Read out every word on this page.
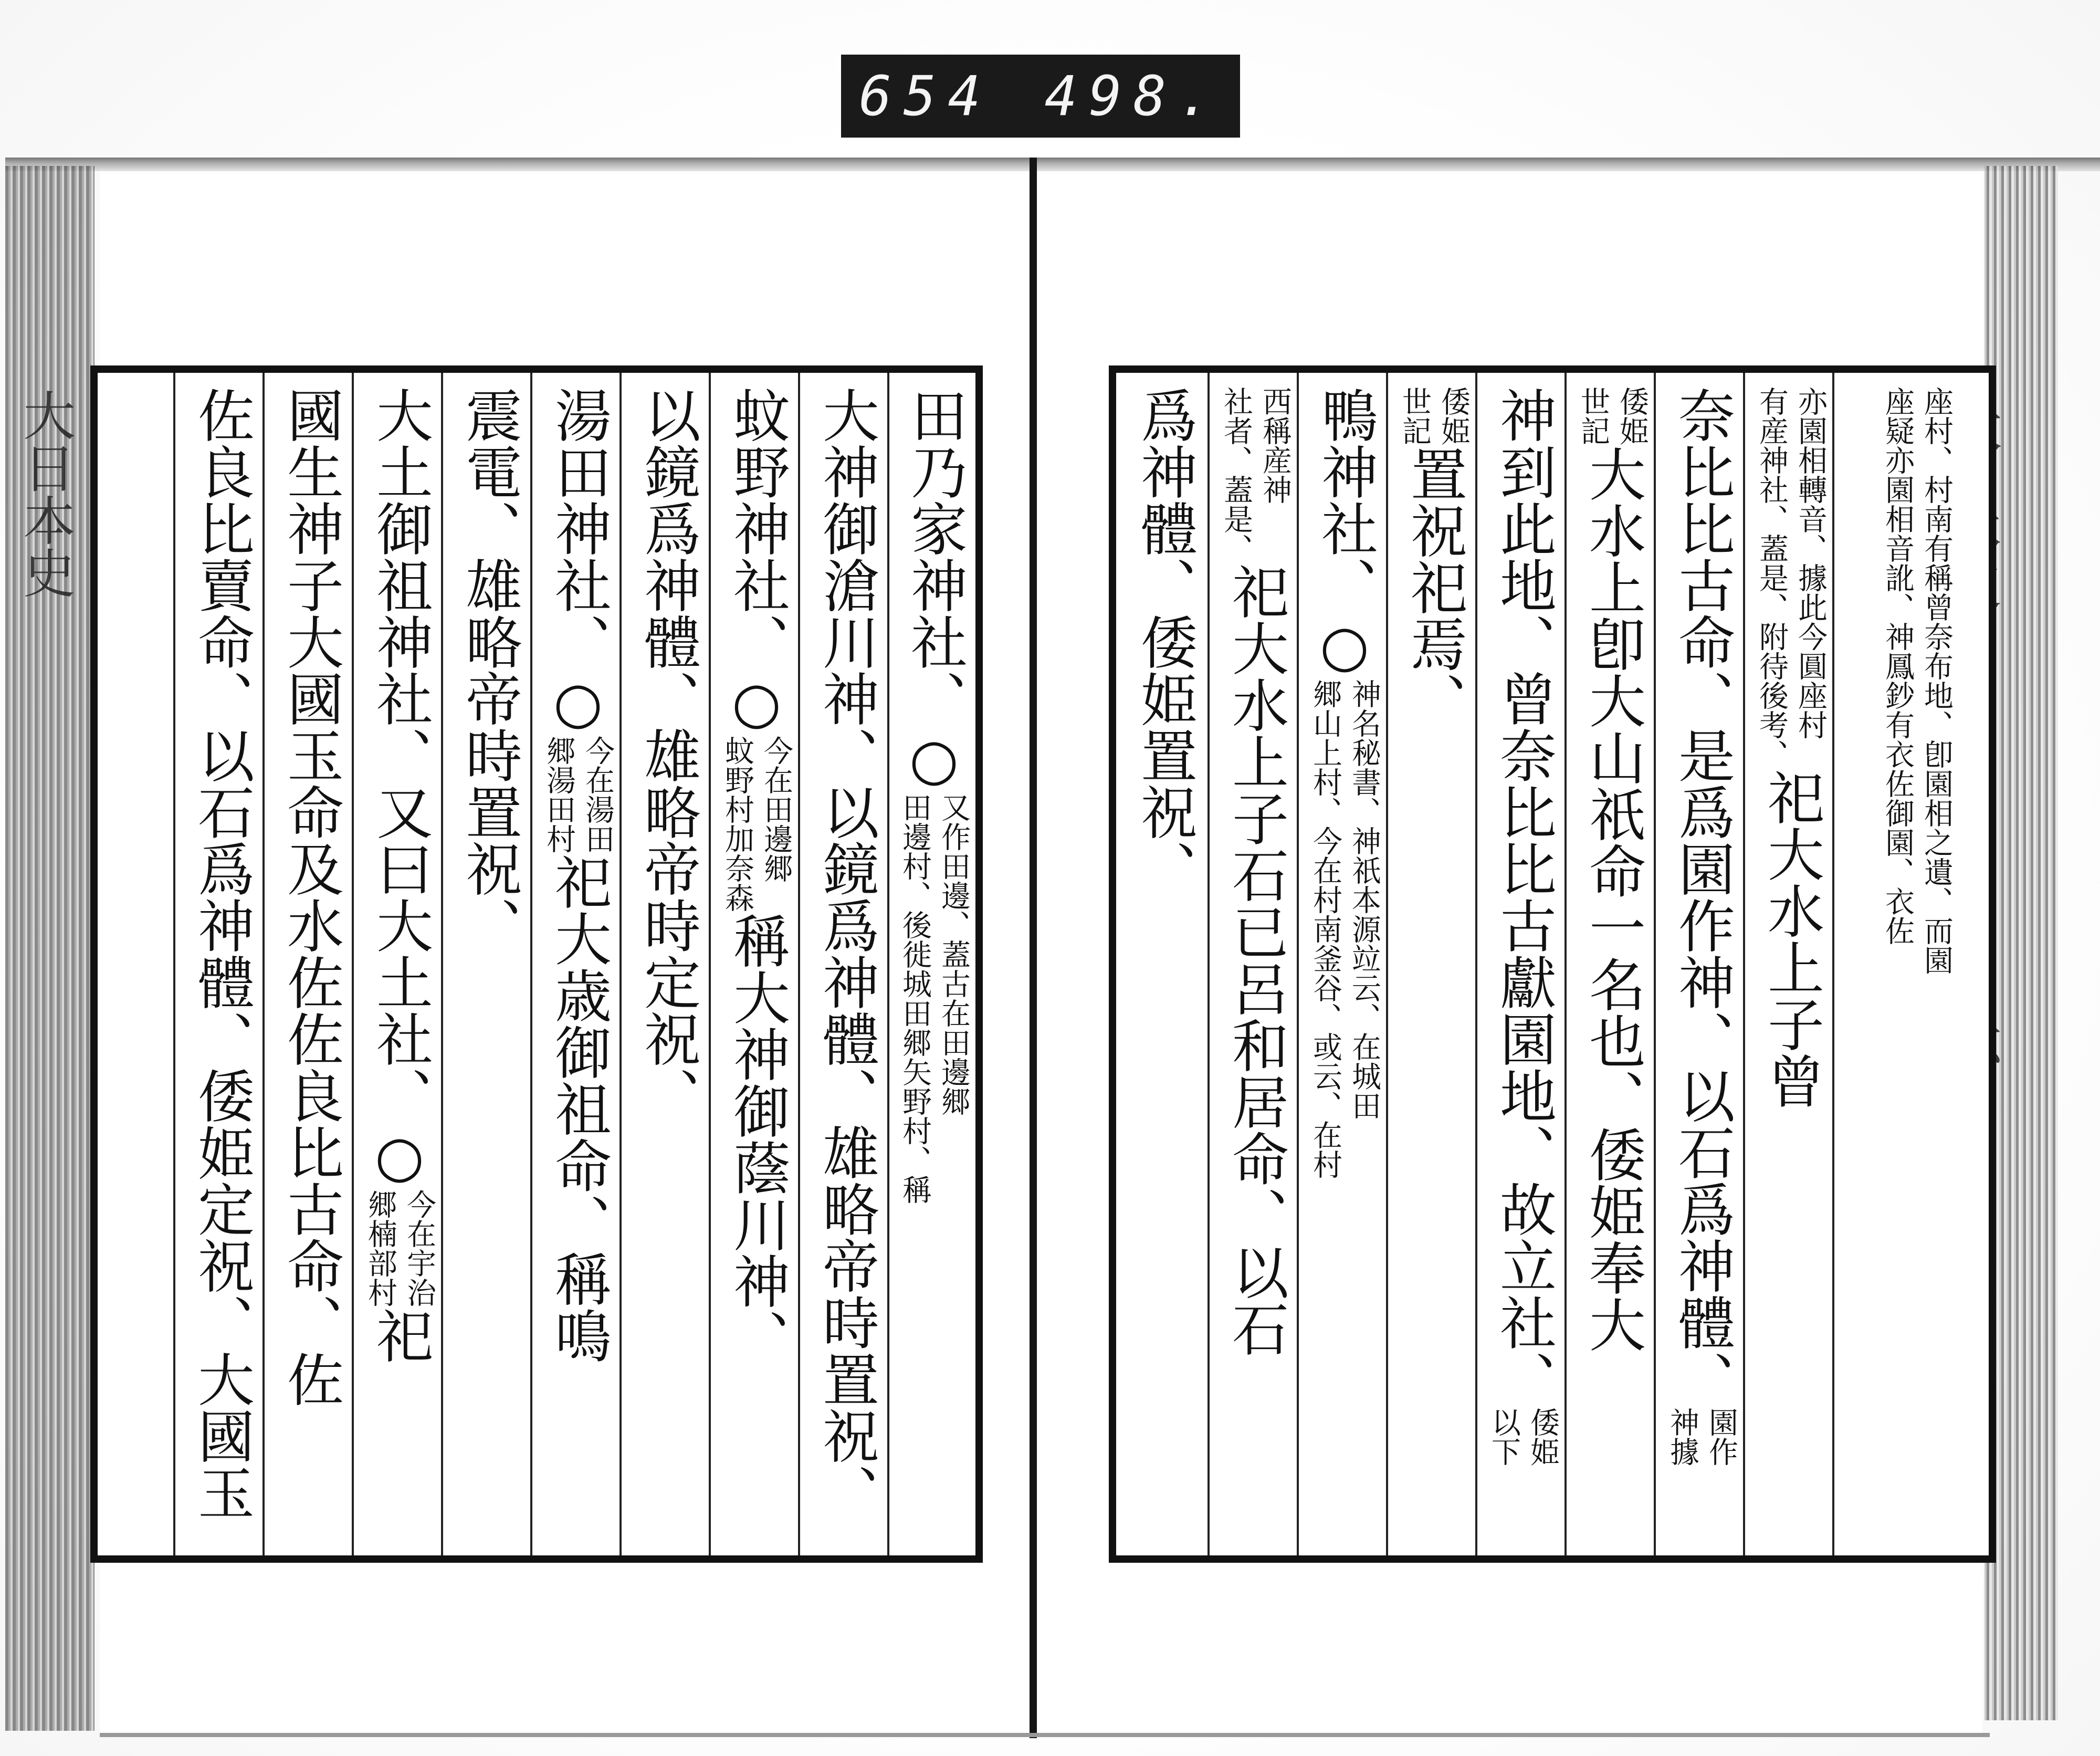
654 498.
大日本史	田乃家神社、○
又作田邊、蓋古在田邊郷
田邊村、後徙城田郷矢野村、稱
大神御滄川神、以鏡爲神體、雄略帝時置祝、
蚊野神社、○
今在田邊郷
蚊野村加奈森
稱大神御蔭川神、
以鏡爲神體、雄略帝時定祝、
湯田神社、○
今在湯田
郷湯田村
祀大歳御祖命、稱鳴
震電、雄略帝時置祝、
大土御祖神社、又曰大土社、○
今在宇治
郷楠部村
祀
國生神子大國玉命及水佐佐良比古命、佐
佐良比賣命、以石爲神體、倭姫定祝、大國玉	座村、村南有稱曾奈布地、卽園相之遺、而園
座疑亦園相音訛、神鳳鈔有衣佐御園、衣佐
亦園相轉音、據此今圓座村
有産神社、蓋是、附待後考、
祀大水上子曾
奈比比古命、是爲園作神、以石爲神體、
園作
神據
倭姫
世記
大水上卽大山祇命一名也、倭姫奉大
神到此地、曾奈比比古獻園地、故立社、
倭姫
以下
倭姫
世記
置祝祀焉、
鴨神社、○
神名秘書、神祇本源竝云、在城田
郷山上村、今在村南釜谷、或云、在村
西稱産神
社者、蓋是、
祀大水上子石已呂和居命、以石
爲神體、倭姫置祝、
